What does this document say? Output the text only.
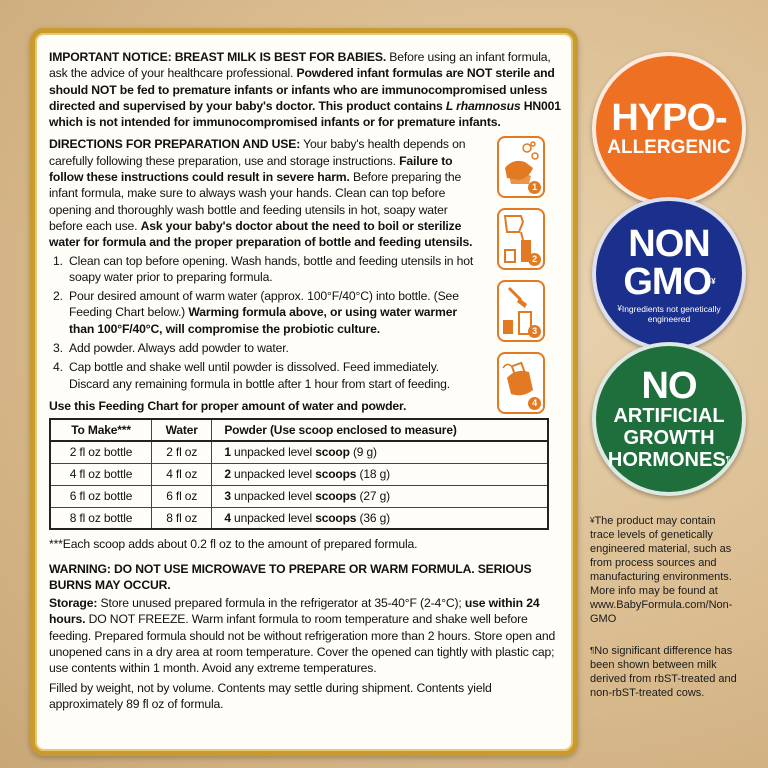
IMPORTANT NOTICE: BREAST MILK IS BEST FOR BABIES. Before using an infant formula, ask the advice of your healthcare professional. Powdered infant formulas are NOT sterile and should NOT be fed to premature infants or infants who are immunocompromised unless directed and supervised by your baby's doctor. This product contains L rhamnosus HN001 which is not intended for immunocompromised infants or for premature infants.

DIRECTIONS FOR PREPARATION AND USE: Your baby's health depends on carefully following these preparation, use and storage instructions. Failure to follow these instructions could result in severe harm. Before preparing the infant formula, make sure to always wash your hands. Clean can top before opening and thoroughly wash bottle and feeding utensils in hot, soapy water before each use. Ask your baby's doctor about the need to boil or sterilize water for formula and the proper preparation of bottle and feeding utensils.

1. Clean can top before opening. Wash hands, bottle and feeding utensils in hot soapy water prior to preparing formula.
2. Pour desired amount of warm water (approx. 100°F/40°C) into bottle. (See Feeding Chart below.) Warming formula above, or using water warmer than 100°F/40°C, will compromise the probiotic culture.
3. Add powder. Always add powder to water.
4. Cap bottle and shake well until powder is dissolved. Feed immediately. Discard any remaining formula in bottle after 1 hour from start of feeding.
1
2
3
4

Use this Feeding Chart for proper amount of water and powder.

To Make***	Water	Powder (Use scoop enclosed to measure)
2 fl oz bottle	2 fl oz	1 unpacked level scoop (9 g)
4 fl oz bottle	4 fl oz	2 unpacked level scoops (18 g)
6 fl oz bottle	6 fl oz	3 unpacked level scoops (27 g)
8 fl oz bottle	8 fl oz	4 unpacked level scoops (36 g)

***Each scoop adds about 0.2 fl oz to the amount of prepared formula.

WARNING: DO NOT USE MICROWAVE TO PREPARE OR WARM FORMULA. SERIOUS BURNS MAY OCCUR.

Storage: Store unused prepared formula in the refrigerator at 35-40°F (2-4°C); use within 24 hours. DO NOT FREEZE. Warm infant formula to room temperature and shake well before feeding. Prepared formula should not be without refrigeration more than 2 hours. Store open and unopened cans in a dry area at room temperature. Cover the opened can tightly with plastic cap; use contents within 1 month. Avoid any extreme temperatures.

Filled by weight, not by volume. Contents may settle during shipment. Contents yield approximately 89 fl oz of formula.

HYPO-
ALLERGENIC
NON
GMO¥
¥Ingredients not genetically engineered
NO
ARTIFICIAL
GROWTH
HORMONES¶

¥The product may contain trace levels of genetically engineered material, such as from process sources and manufacturing environments. More info may be found at www.BabyFormula.com/Non-GMO

¶No significant difference has been shown between milk derived from rbST-treated and non-rbST-treated cows.
